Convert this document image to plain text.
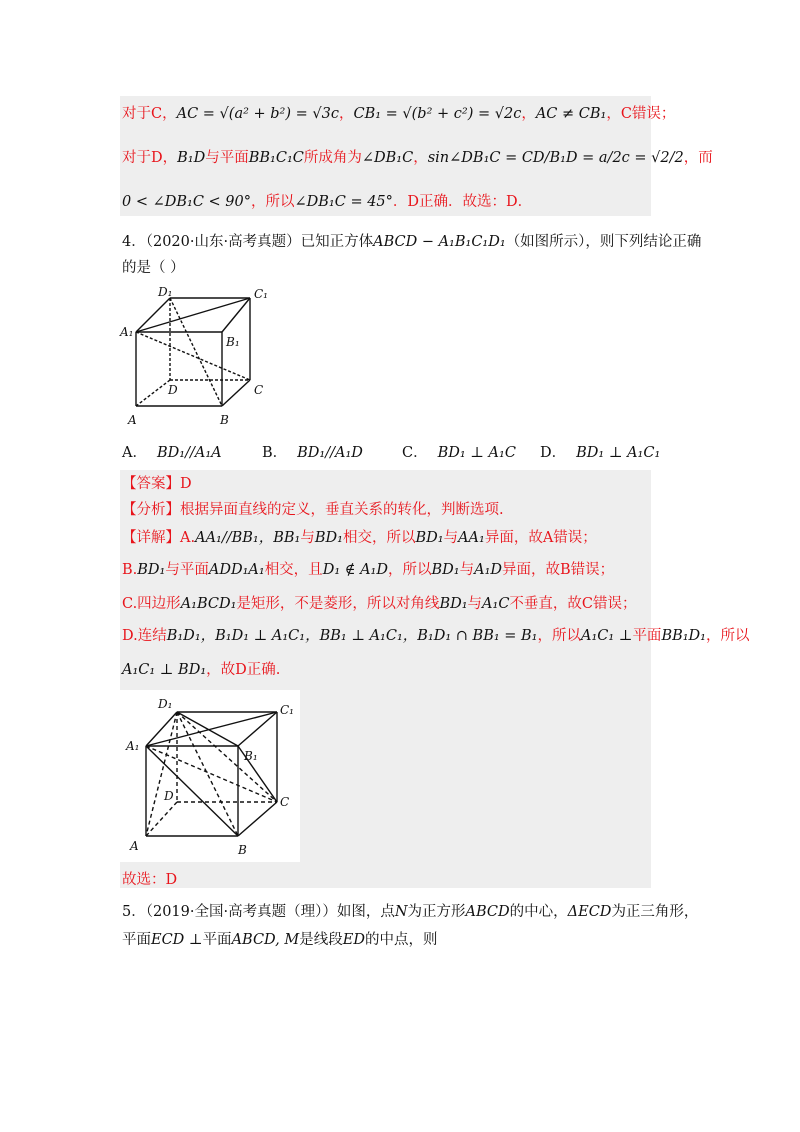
对于C，AC = √(a² + b²) = √3c，CB₁ = √(b² + c²) = √2c，AC ≠ CB₁，C错误；
对于D，B₁D与平面BB₁C₁C所成角为∠DB₁C，sin∠DB₁C = CD/B₁D = a/2c = √2/2，而
0 < ∠DB₁C < 90°，所以∠DB₁C = 45°．D正确．故选：D．
4．（2020·山东·高考真题）已知正方体ABCD − A₁B₁C₁D₁（如图所示），则下列结论正确
的是（ ）
D₁	C₁
A₁
B₁
D	C
A	B
A． BD₁//A₁A	B． BD₁//A₁D	C． BD₁ ⊥ A₁C D． BD₁ ⊥ A₁C₁
【答案】D
【分析】根据异面直线的定义，垂直关系的转化，判断选项.
【详解】A.AA₁//BB₁，BB₁与BD₁相交，所以BD₁与AA₁异面，故A错误；
B.BD₁与平面ADD₁A₁相交，且D₁ ∉ A₁D，所以BD₁与A₁D异面，故B错误；
C.四边形A₁BCD₁是矩形，不是菱形，所以对角线BD₁与A₁C不垂直，故C错误；
D.连结B₁D₁，B₁D₁ ⊥ A₁C₁，BB₁ ⊥ A₁C₁，B₁D₁ ∩ BB₁ = B₁，所以A₁C₁ ⊥平面BB₁D₁，所以
A₁C₁ ⊥ BD₁，故D正确.
D₁	C₁
A₁
B₁
D	C
A	B
故选：D
5．（2019·全国·高考真题（理））如图，点N为正方形ABCD的中心，ΔECD为正三角形，
平面ECD ⊥平面ABCD, M是线段ED的中点，则
